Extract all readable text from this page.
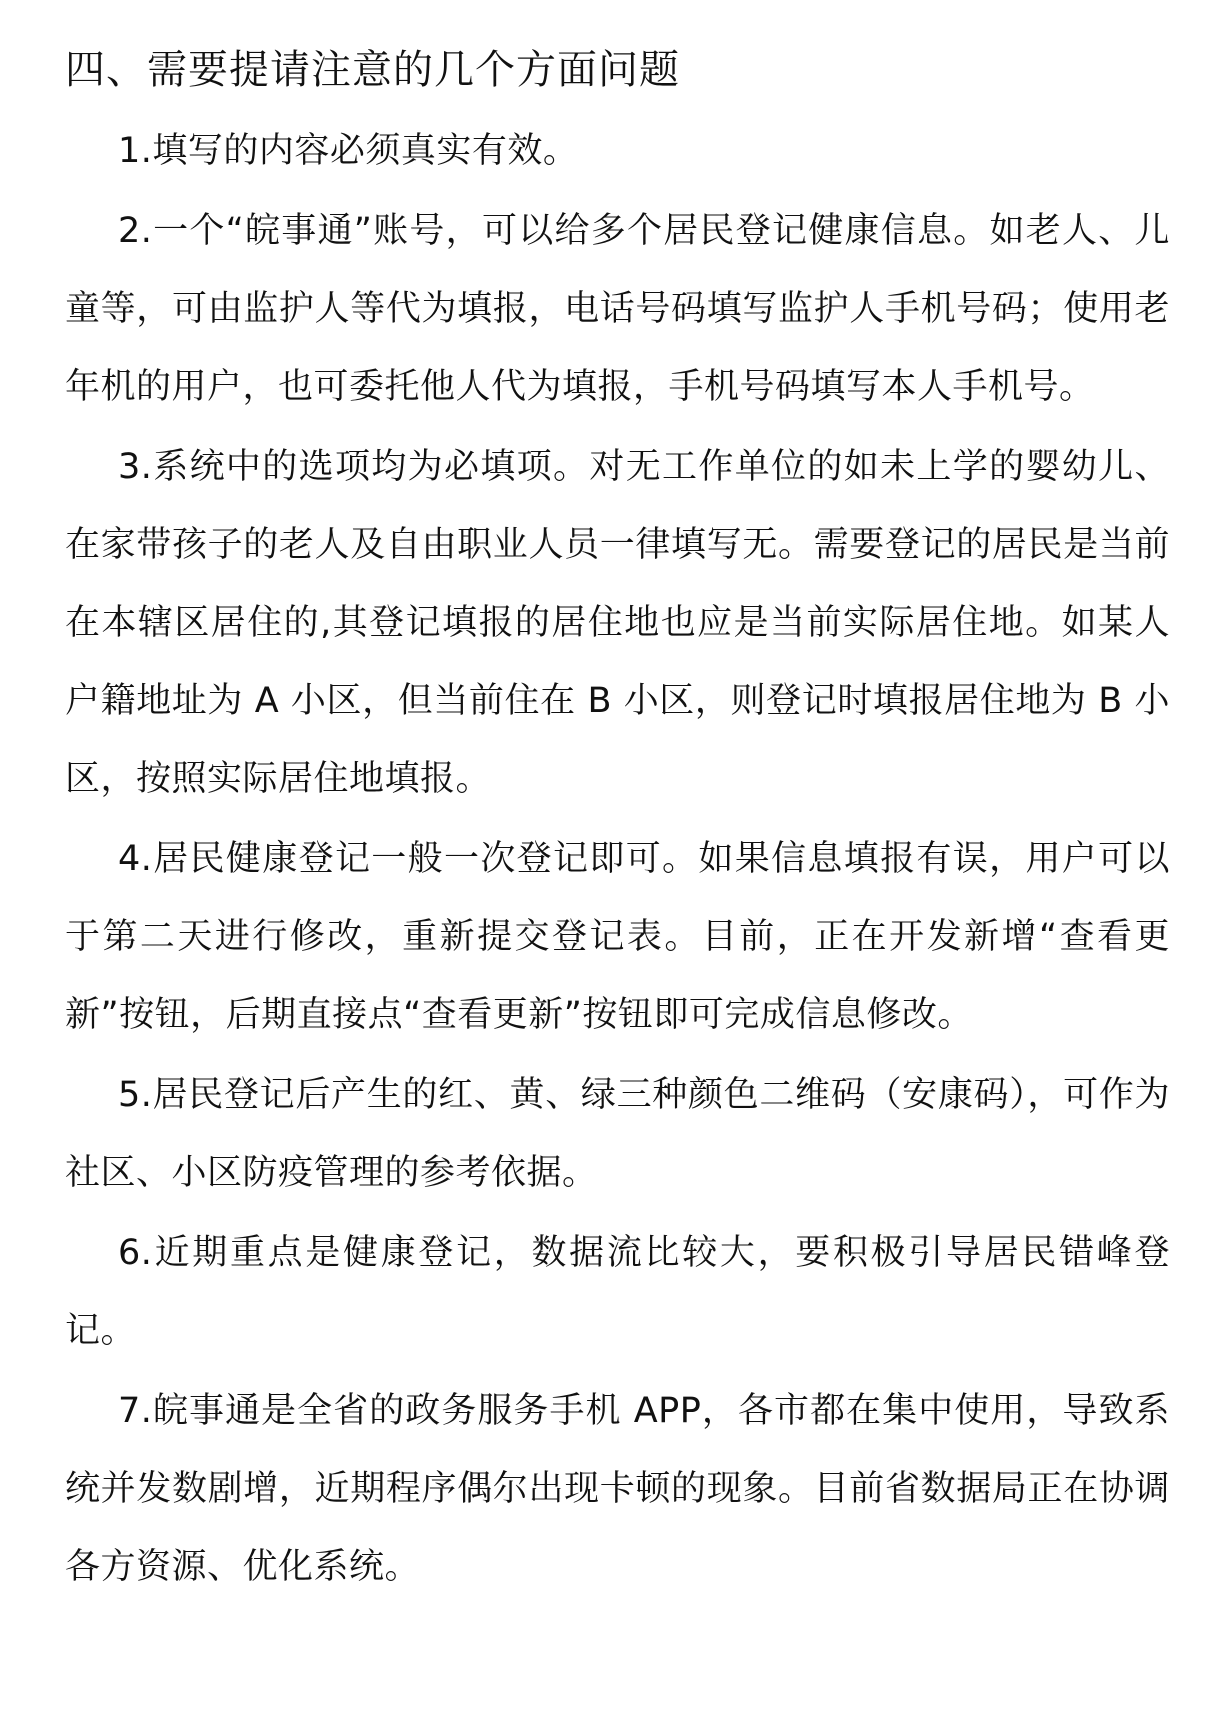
四、需要提请注意的几个方面问题

1.填写的内容必须真实有效。

2.一个“皖事通”账号，可以给多个居民登记健康信息。如老人、儿童等，可由监护人等代为填报，电话号码填写监护人手机号码；使用老年机的用户，也可委托他人代为填报，手机号码填写本人手机号。

3.系统中的选项均为必填项。对无工作单位的如未上学的婴幼儿、在家带孩子的老人及自由职业人员一律填写无。需要登记的居民是当前在本辖区居住的,其登记填报的居住地也应是当前实际居住地。如某人户籍地址为 A 小区，但当前住在 B 小区，则登记时填报居住地为 B 小区，按照实际居住地填报。

4.居民健康登记一般一次登记即可。如果信息填报有误，用户可以于第二天进行修改，重新提交登记表。目前，正在开发新增“查看更新”按钮，后期直接点“查看更新”按钮即可完成信息修改。

5.居民登记后产生的红、黄、绿三种颜色二维码（安康码），可作为社区、小区防疫管理的参考依据。

6.近期重点是健康登记，数据流比较大，要积极引导居民错峰登记。

7.皖事通是全省的政务服务手机 APP，各市都在集中使用，导致系统并发数剧增，近期程序偶尔出现卡顿的现象。目前省数据局正在协调各方资源、优化系统。
